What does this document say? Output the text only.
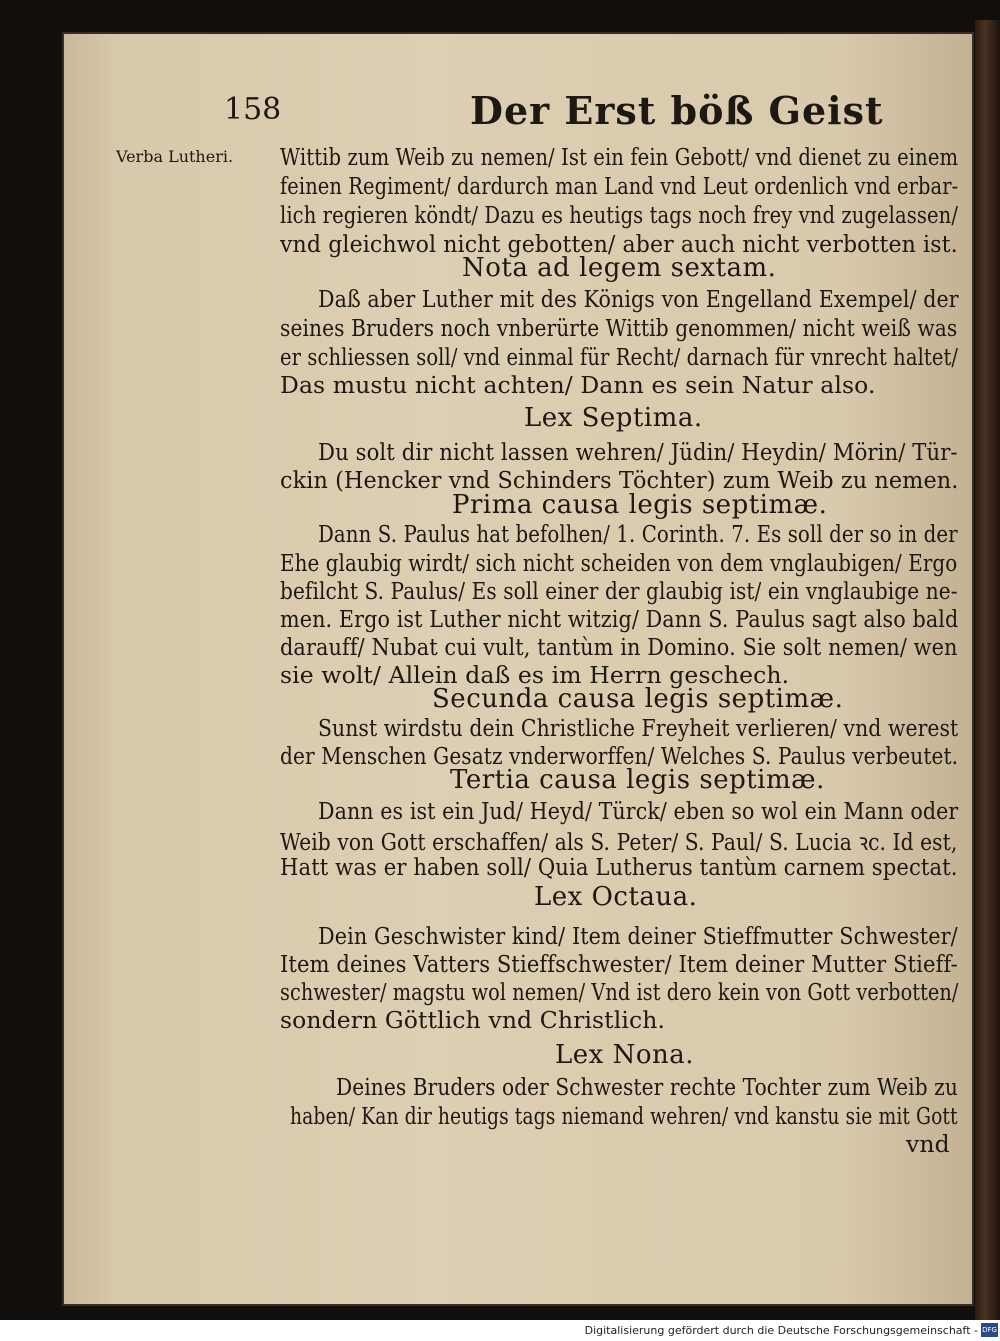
158	Der Erst böß Geist
Verba Lutheri. Wittib zum Weib zu nemen/ Ist ein fein Gebott/ vnd dienet zu einem
feinen Regiment/ dardurch man Land vnd Leut ordenlich vnd erbar-
lich regieren köndt/ Dazu es heutigs tags noch frey vnd zugelassen/
vnd gleichwol nicht gebotten/ aber auch nicht verbotten ist.
Nota ad legem sextam.
Daß aber Luther mit des Königs von Engelland Exempel/ der
seines Bruders noch vnberürte Wittib genommen/ nicht weiß was
er schliessen soll/ vnd einmal für Recht/ darnach für vnrecht haltet/
Das mustu nicht achten/ Dann es sein Natur also.
Lex Septima.
Du solt dir nicht lassen wehren/ Jüdin/ Heydin/ Mörin/ Tür-
ckin (Hencker vnd Schinders Töchter) zum Weib zu nemen.
Prima causa legis septimæ.
Dann S. Paulus hat befolhen/ 1. Corinth. 7. Es soll der so in der
Ehe glaubig wirdt/ sich nicht scheiden von dem vnglaubigen/ Ergo
befilcht S. Paulus/ Es soll einer der glaubig ist/ ein vnglaubige ne-
men. Ergo ist Luther nicht witzig/ Dann S. Paulus sagt also bald
darauff/ Nubat cui vult, tantùm in Domino. Sie solt nemen/ wen
sie wolt/ Allein daß es im Herrn geschech.
Secunda causa legis septimæ.
Sunst wirdstu dein Christliche Freyheit verlieren/ vnd werest
der Menschen Gesatz vnderworffen/ Welches S. Paulus verbeutet.
Tertia causa legis septimæ.
Dann es ist ein Jud/ Heyd/ Türck/ eben so wol ein Mann oder
Weib von Gott erschaffen/ als S. Peter/ S. Paul/ S. Lucia ꝛc. Id est,
Hatt was er haben soll/ Quia Lutherus tantùm carnem spectat.
Lex Octaua.
Dein Geschwister kind/ Item deiner Stieffmutter Schwester/
Item deines Vatters Stieffschwester/ Item deiner Mutter Stieff-
schwester/ magstu wol nemen/ Vnd ist dero kein von Gott verbotten/
sondern Göttlich vnd Christlich.
Lex Nona.
Deines Bruders oder Schwester rechte Tochter zum Weib zu
haben/ Kan dir heutigs tags niemand wehren/ vnd kanstu sie mit Gott
vnd
Digitalisierung gefördert durch die Deutsche Forschungsgemeinschaft - DFG
